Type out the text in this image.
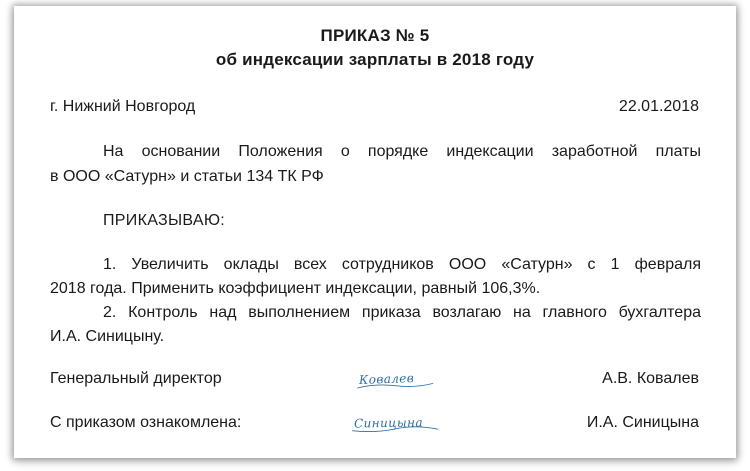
ПРИКАЗ № 5
об индексации зарплаты в 2018 году
г. Нижний Новгород	22.01.2018
На основании Положения о порядке индексации заработной платы
в ООО «Сатурн» и статьи 134 ТК РФ
ПРИКАЗЫВАЮ:
1. Увеличить оклады всех сотрудников ООО «Сатурн» с 1 февраля
2018 года. Применить коэффициент индексации, равный 106,3%.
2. Контроль над выполнением приказа возлагаю на главного бухгалтера
И.А. Синицыну.
Генеральный директор	Ковалев	А.В. Ковалев
С приказом ознакомлена:	Синицына	И.А. Синицына
